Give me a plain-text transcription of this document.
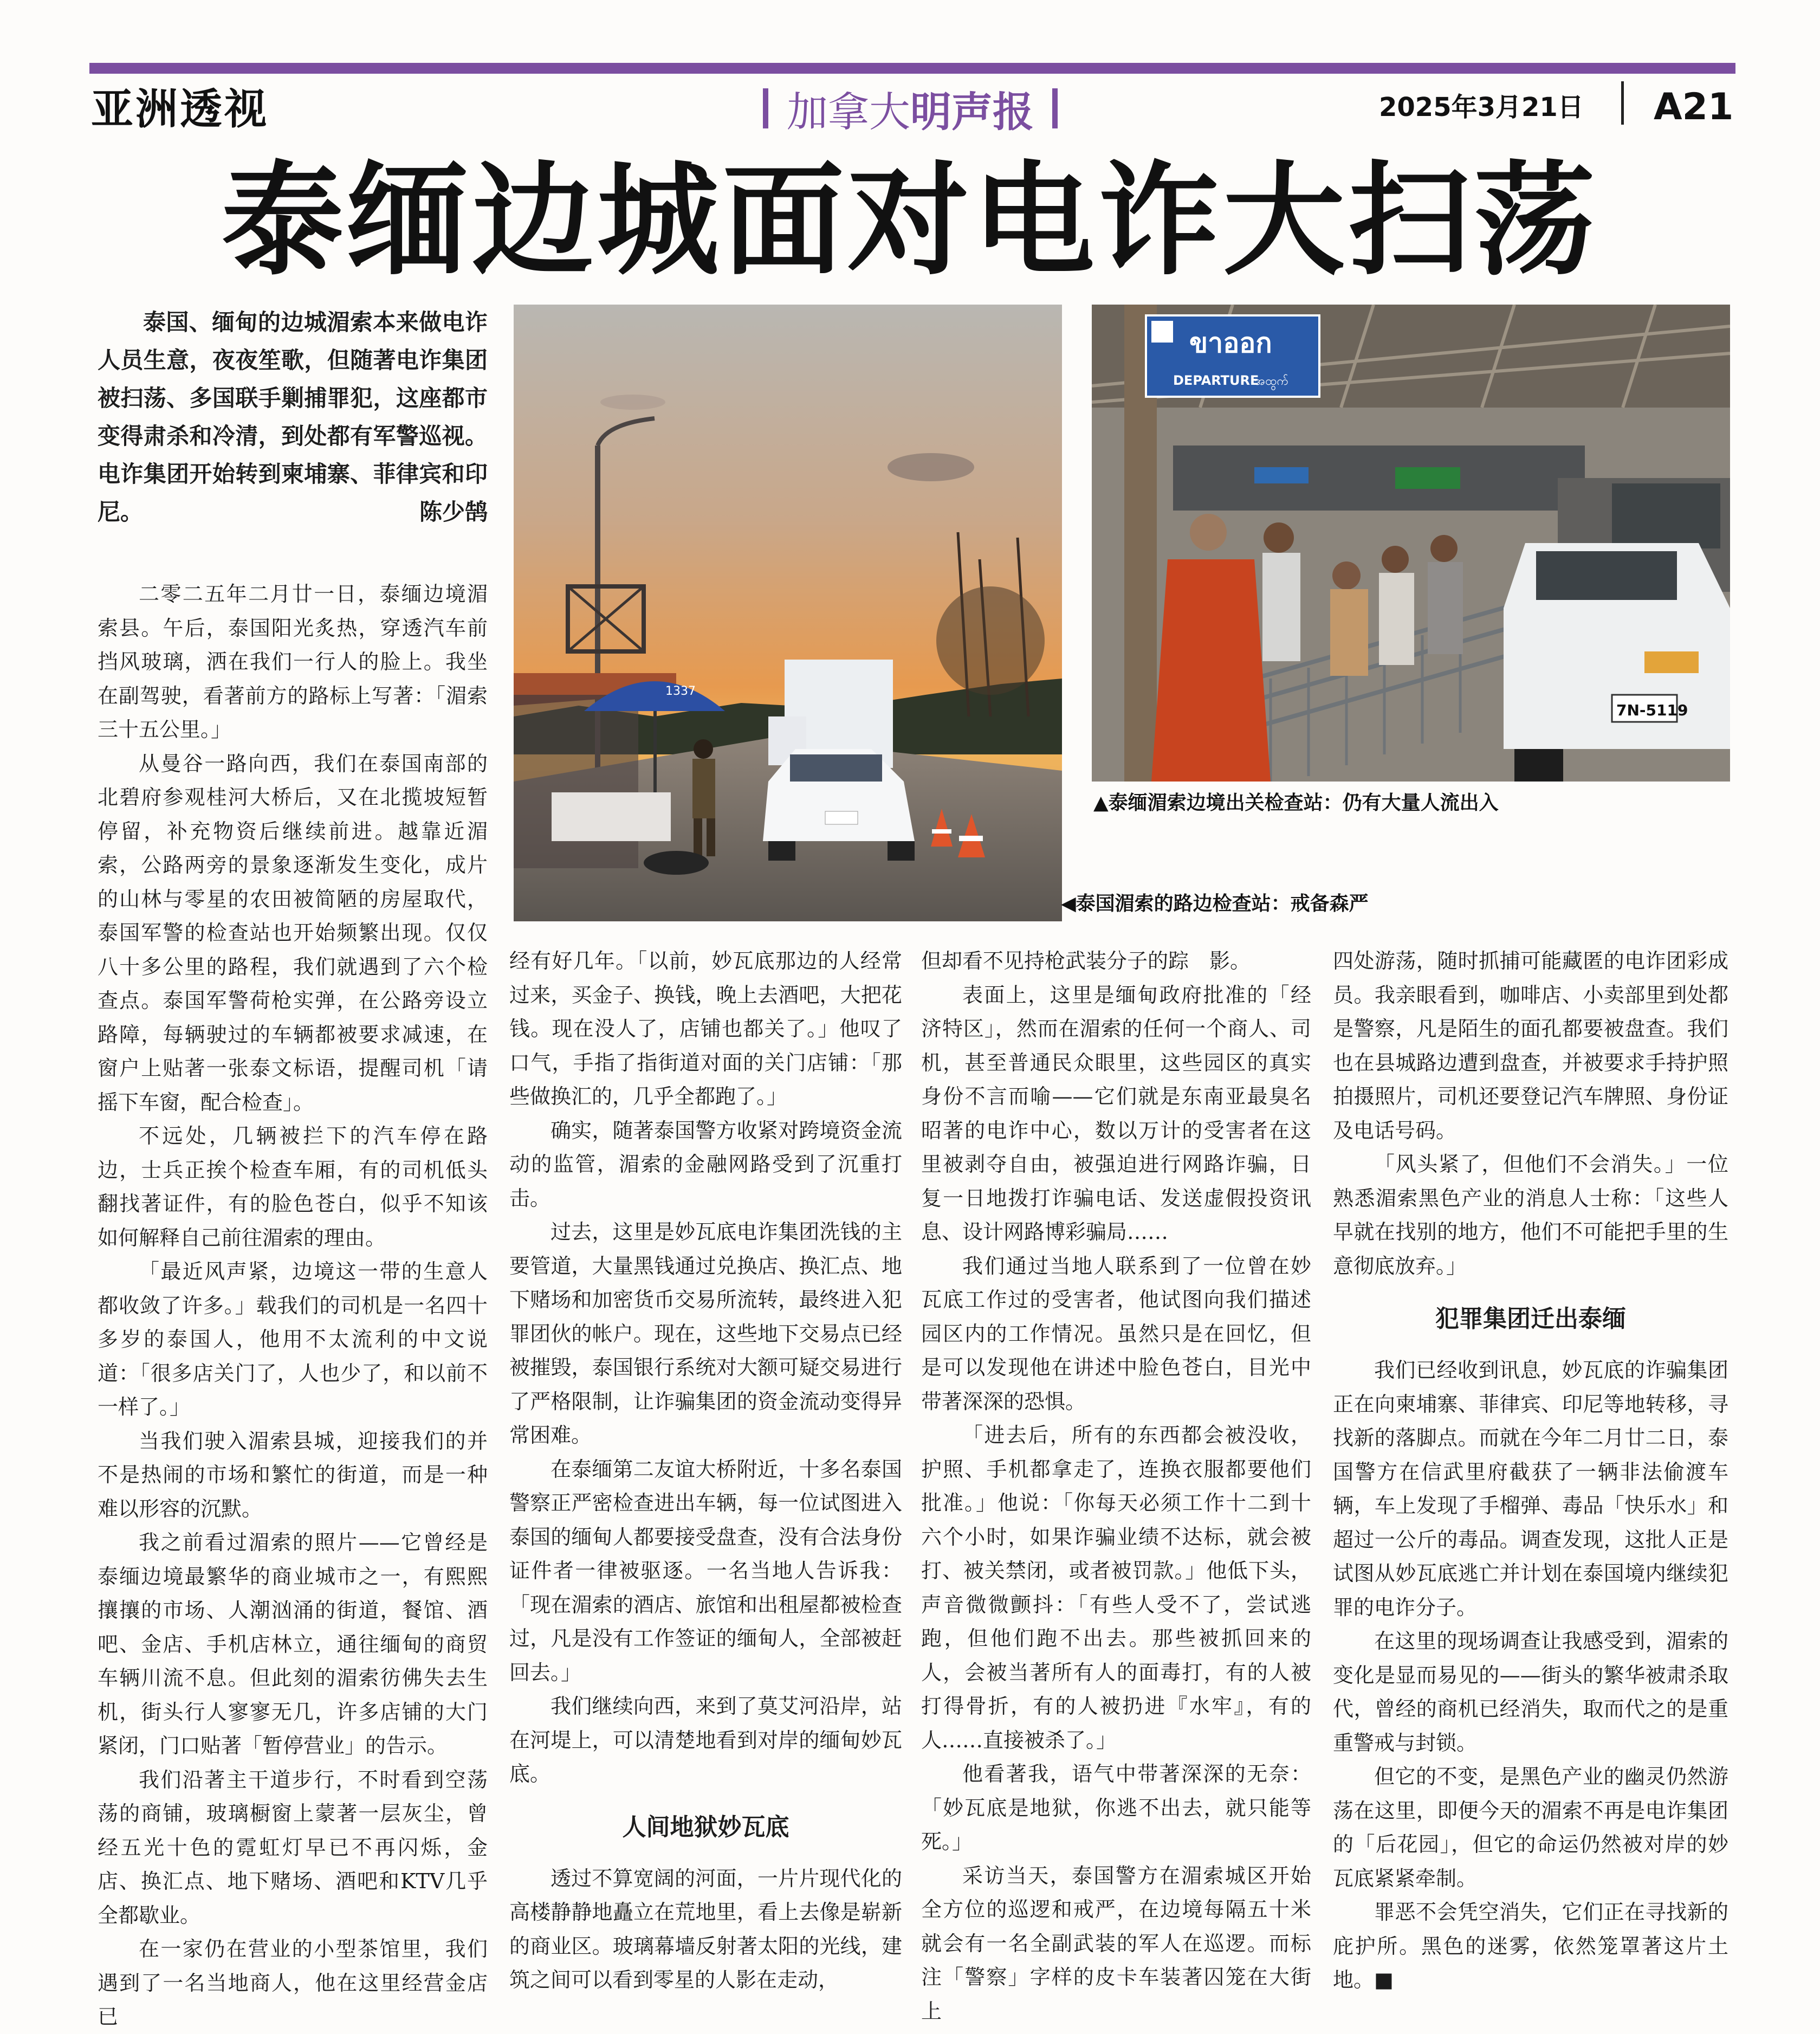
亚洲透视	加拿大 明声报	2025年3月21日 A21
泰缅边城面对电诈大扫荡

泰国、缅甸的边城湄索本来做电诈人员生意，夜夜笙歌，但随著电诈集团被扫荡、多国联手剿捕罪犯，这座都市变得肃杀和冷清，到处都有军警巡视。电诈集团开始转到柬埔寨、菲律宾和印尼。	陈少鹄

1337
◀泰国湄索的路边检查站：戒备森严
ขาออก
DEPARTURE
အထွက်
7N-5119
▲泰缅湄索边境出关检查站：仍有大量人流出入

二零二五年二月廿一日，泰缅边境湄索县。午后，泰国阳光炙热，穿透汽车前挡风玻璃，洒在我们一行人的脸上。我坐在副驾驶，看著前方的路标上写著：「湄索三十五公里。」

从曼谷一路向西，我们在泰国南部的北碧府参观桂河大桥后，又在北揽坡短暂停留，补充物资后继续前进。越靠近湄索，公路两旁的景象逐渐发生变化，成片的山林与零星的农田被简陋的房屋取代，泰国军警的检查站也开始频繁出现。仅仅八十多公里的路程，我们就遇到了六个检查点。泰国军警荷枪实弹，在公路旁设立路障，每辆驶过的车辆都被要求减速，在窗户上贴著一张泰文标语，提醒司机「请摇下车窗，配合检查」。

不远处，几辆被拦下的汽车停在路边，士兵正挨个检查车厢，有的司机低头翻找著证件，有的脸色苍白，似乎不知该如何解释自己前往湄索的理由。

「最近风声紧，边境这一带的生意人都收敛了许多。」载我们的司机是一名四十多岁的泰国人，他用不太流利的中文说道：「很多店关门了，人也少了，和以前不一样了。」

当我们驶入湄索县城，迎接我们的并不是热闹的市场和繁忙的街道，而是一种难以形容的沉默。

我之前看过湄索的照片——它曾经是泰缅边境最繁华的商业城市之一，有熙熙攘攘的市场、人潮汹涌的街道，餐馆、酒吧、金店、手机店林立，通往缅甸的商贸车辆川流不息。但此刻的湄索彷佛失去生机，街头行人寥寥无几，许多店铺的大门紧闭，门口贴著「暂停营业」的告示。

我们沿著主干道步行，不时看到空荡荡的商铺，玻璃橱窗上蒙著一层灰尘，曾经五光十色的霓虹灯早已不再闪烁，金店、换汇点、地下赌场、酒吧和KTV几乎全都歇业。

在一家仍在营业的小型茶馆里，我们遇到了一名当地商人，他在这里经营金店已

经有好几年。「以前，妙瓦底那边的人经常过来，买金子、换钱，晚上去酒吧，大把花钱。现在没人了，店铺也都关了。」他叹了口气，手指了指街道对面的关门店铺：「那些做换汇的，几乎全都跑了。」

确实，随著泰国警方收紧对跨境资金流动的监管，湄索的金融网路受到了沉重打击。

过去，这里是妙瓦底电诈集团洗钱的主要管道，大量黑钱通过兑换店、换汇点、地下赌场和加密货币交易所流转，最终进入犯罪团伙的帐户。现在，这些地下交易点已经被摧毁，泰国银行系统对大额可疑交易进行了严格限制，让诈骗集团的资金流动变得异常困难。

在泰缅第二友谊大桥附近，十多名泰国警察正严密检查进出车辆，每一位试图进入泰国的缅甸人都要接受盘查，没有合法身份证件者一律被驱逐。一名当地人告诉我：「现在湄索的酒店、旅馆和出租屋都被检查过，凡是没有工作签证的缅甸人，全部被赶回去。」

我们继续向西，来到了莫艾河沿岸，站在河堤上，可以清楚地看到对岸的缅甸妙瓦底。

人间地狱妙瓦底

透过不算宽阔的河面，一片片现代化的高楼静静地矗立在荒地里，看上去像是崭新的商业区。玻璃幕墙反射著太阳的光线，建筑之间可以看到零星的人影在走动，

但却看不见持枪武装分子的踪　影。

表面上，这里是缅甸政府批准的「经济特区」，然而在湄索的任何一个商人、司机，甚至普通民众眼里，这些园区的真实身份不言而喻——它们就是东南亚最臭名昭著的电诈中心，数以万计的受害者在这里被剥夺自由，被强迫进行网路诈骗，日复一日地拨打诈骗电话、发送虚假投资讯息、设计网路博彩骗局……

我们通过当地人联系到了一位曾在妙瓦底工作过的受害者，他试图向我们描述园区内的工作情况。虽然只是在回忆，但是可以发现他在讲述中脸色苍白，目光中带著深深的恐惧。

「进去后，所有的东西都会被没收，护照、手机都拿走了，连换衣服都要他们批准。」他说：「你每天必须工作十二到十六个小时，如果诈骗业绩不达标，就会被打、被关禁闭，或者被罚款。」他低下头，声音微微颤抖：「有些人受不了，尝试逃跑，但他们跑不出去。那些被抓回来的人，会被当著所有人的面毒打，有的人被打得骨折，有的人被扔进『水牢』，有的人……直接被杀了。」

他看著我，语气中带著深深的无奈：「妙瓦底是地狱，你逃不出去，就只能等死。」

采访当天，泰国警方在湄索城区开始全方位的巡逻和戒严，在边境每隔五十米就会有一名全副武装的军人在巡逻。而标注「警察」字样的皮卡车装著囚笼在大街上

四处游荡，随时抓捕可能藏匿的电诈团彩成员。我亲眼看到，咖啡店、小卖部里到处都是警察，凡是陌生的面孔都要被盘查。我们也在县城路边遭到盘查，并被要求手持护照拍摄照片，司机还要登记汽车牌照、身份证及电话号码。

「风头紧了，但他们不会消失。」一位熟悉湄索黑色产业的消息人士称：「这些人早就在找别的地方，他们不可能把手里的生意彻底放弃。」

犯罪集团迁出泰缅

我们已经收到讯息，妙瓦底的诈骗集团正在向柬埔寨、菲律宾、印尼等地转移，寻找新的落脚点。而就在今年二月廿二日，泰国警方在信武里府截获了一辆非法偷渡车辆，车上发现了手榴弹、毒品「快乐水」和超过一公斤的毒品。调查发现，这批人正是试图从妙瓦底逃亡并计划在泰国境内继续犯罪的电诈分子。

在这里的现场调查让我感受到，湄索的变化是显而易见的——街头的繁华被肃杀取代，曾经的商机已经消失，取而代之的是重重警戒与封锁。

但它的不变，是黑色产业的幽灵仍然游荡在这里，即便今天的湄索不再是电诈集团的「后花园」，但它的命运仍然被对岸的妙瓦底紧紧牵制。

罪恶不会凭空消失，它们正在寻找新的庇护所。黑色的迷雾，依然笼罩著这片土地。■
